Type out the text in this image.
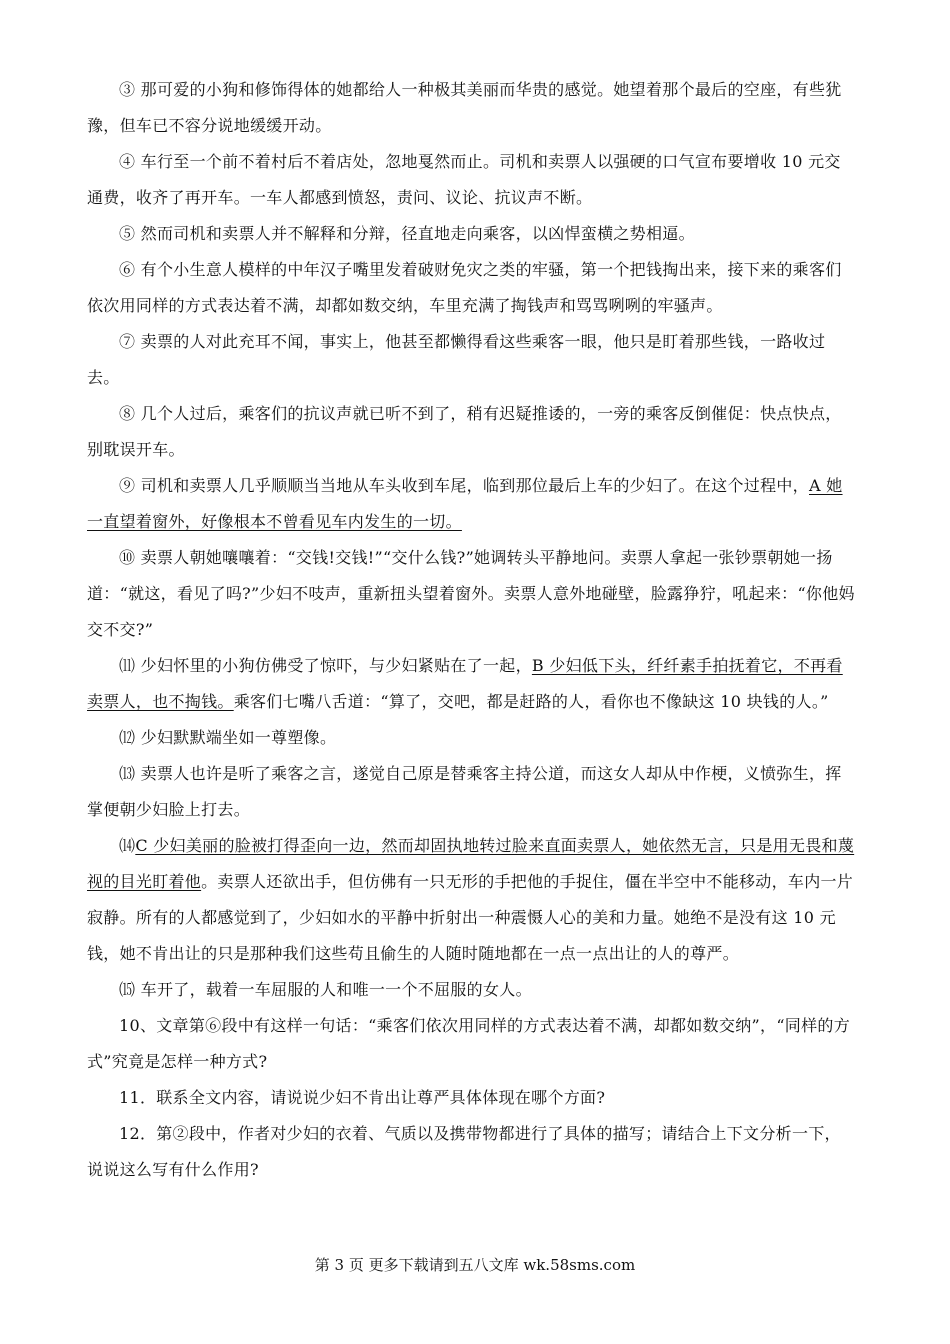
③ 那可爱的小狗和修饰得体的她都给人一种极其美丽而华贵的感觉。她望着那个最后的空座，有些犹豫，但车已不容分说地缓缓开动。

④ 车行至一个前不着村后不着店处，忽地戛然而止。司机和卖票人以强硬的口气宣布要增收 10 元交通费，收齐了再开车。一车人都感到愤怒，责问、议论、抗议声不断。

⑤ 然而司机和卖票人并不解释和分辩，径直地走向乘客，以凶悍蛮横之势相逼。

⑥ 有个小生意人模样的中年汉子嘴里发着破财免灾之类的牢骚，第一个把钱掏出来，接下来的乘客们依次用同样的方式表达着不满，却都如数交纳，车里充满了掏钱声和骂骂咧咧的牢骚声。

⑦ 卖票的人对此充耳不闻，事实上，他甚至都懒得看这些乘客一眼，他只是盯着那些钱，一路收过去。

⑧ 几个人过后，乘客们的抗议声就已听不到了，稍有迟疑推诿的，一旁的乘客反倒催促：快点快点，别耽误开车。

⑨ 司机和卖票人几乎顺顺当当地从车头收到车尾，临到那位最后上车的少妇了。在这个过程中，A 她一直望着窗外，好像根本不曾看见车内发生的一切。

⑩ 卖票人朝她嚷嚷着：“交钱!交钱!”“交什么钱?”她调转头平静地问。卖票人拿起一张钞票朝她一扬道：“就这，看见了吗?”少妇不吱声，重新扭头望着窗外。卖票人意外地碰壁，脸露狰狞，吼起来：“你他妈交不交?”

⑾ 少妇怀里的小狗仿佛受了惊吓，与少妇紧贴在了一起，B 少妇低下头，纤纤素手拍抚着它，不再看卖票人，也不掏钱。乘客们七嘴八舌道：“算了，交吧，都是赶路的人，看你也不像缺这 10 块钱的人。”

⑿ 少妇默默端坐如一尊塑像。

⒀ 卖票人也许是听了乘客之言，遂觉自己原是替乘客主持公道，而这女人却从中作梗，义愤弥生，挥掌便朝少妇脸上打去。

⒁C 少妇美丽的脸被打得歪向一边，然而却固执地转过脸来直面卖票人，她依然无言，只是用无畏和蔑视的目光盯着他。卖票人还欲出手，但仿佛有一只无形的手把他的手捉住，僵在半空中不能移动，车内一片寂静。所有的人都感觉到了，少妇如水的平静中折射出一种震慑人心的美和力量。她绝不是没有这 10 元钱，她不肯出让的只是那种我们这些苟且偷生的人随时随地都在一点一点出让的人的尊严。

⒂ 车开了，载着一车屈服的人和唯一一个不屈服的女人。

10、文章第⑥段中有这样一句话：“乘客们依次用同样的方式表达着不满，却都如数交纳”，“同样的方式”究竟是怎样一种方式?

11．联系全文内容，请说说少妇不肯出让尊严具体体现在哪个方面?

12．第②段中，作者对少妇的衣着、气质以及携带物都进行了具体的描写；请结合上下文分析一下，说说这么写有什么作用?

第 3 页 更多下载请到五八文库 wk.58sms.com
